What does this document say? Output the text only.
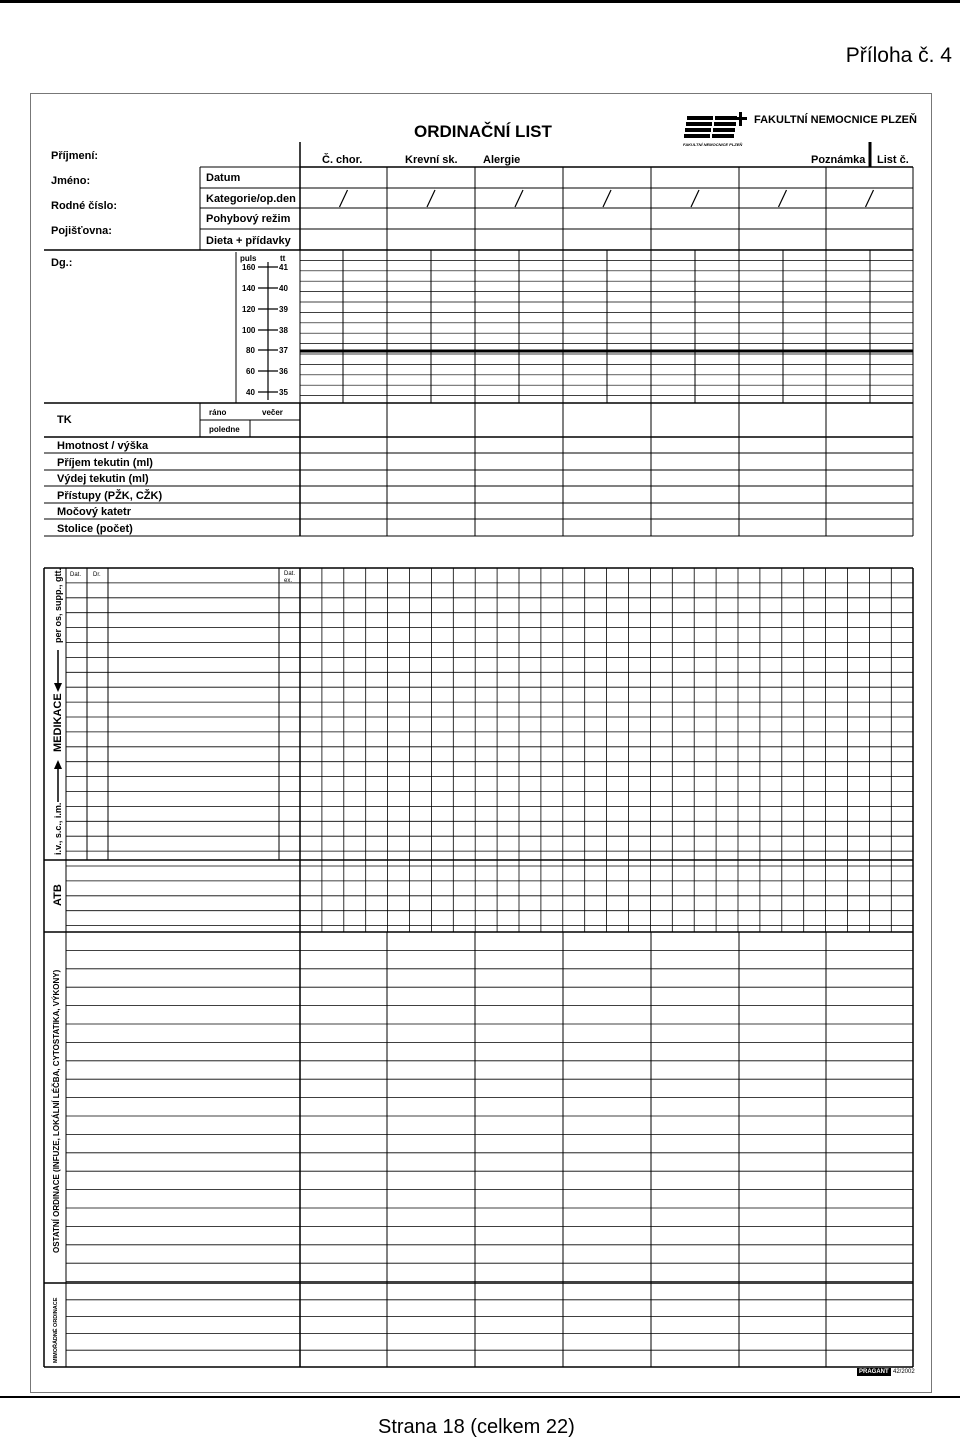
Příloha č. 4
ORDINAČNÍ LIST
FAKULTNÍ NEMOCNICE PLZEŇ
FAKULTNÍ NEMOCNICE PLZEŇ
Příjmení:
Jméno:
Rodné číslo:
Pojišťovna:
Dg.:
Č. chor.	Krevní sk. Alergie	Poznámka List č.
Datum
Kategorie/op.den
Pohybový režim
Dieta + přídavky
puls	tt
160
140
120
100
80
60
40
41
40
39
38
37
36
35
TK
ráno	večer
poledne
Hmotnost / výška
Příjem tekutin (ml)
Výdej tekutin (ml)
Přístupy (PŽK, CŽK)
Močový katetr
Stolice (počet)
Dat. Dr.	Dat.
ex.
per os, supp., gtt.
MEDIKACE
i.v., s.c., i.m.
ATB
OSTATNÍ ORDINACE (INFUZE, LOKÁLNÍ LÉČBA, CYTOSTATIKA, VÝKONY)
MIMOŘÁDNÉ ORDINACE
PRAGANT 42/2002
Strana 18 (celkem 22)
